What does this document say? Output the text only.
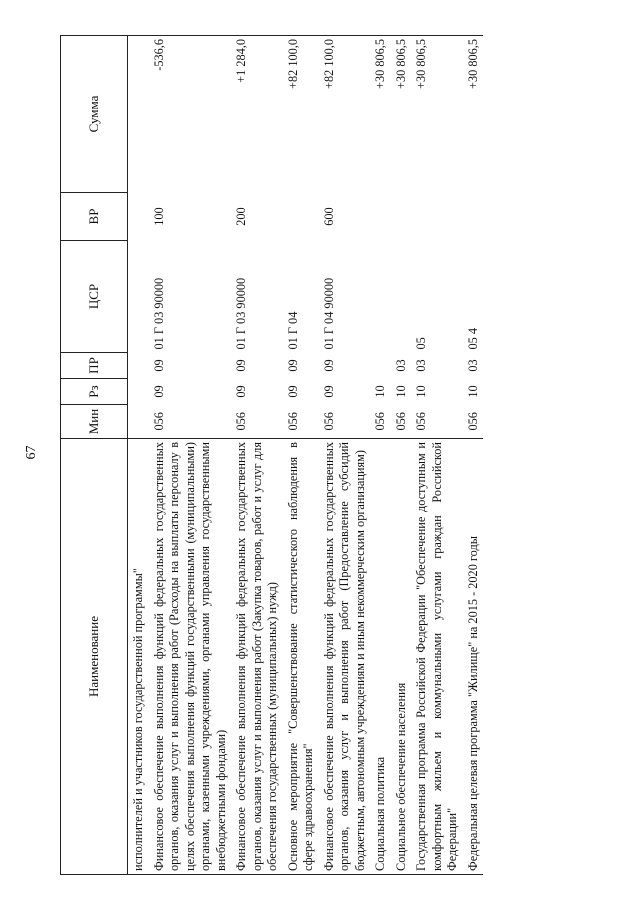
67
Наименование	Мин	Рз	ПР	ЦСР	ВР	Сумма
исполнителей и участников государственной программы"						
Финансовое обеспечение выполнения функций федеральных государственных органов, оказания услуг и выполнения работ (Расходы на выплаты персоналу в целях обеспечения выполнения функций государственными (муниципальными) органами, казенными учреждениями, органами управления государственными внебюджетными фондами)	056	09	09	01 Г 03 90000	100	-536,6
Финансовое обеспечение выполнения функций федеральных государственных органов, оказания услуг и выполнения работ (Закупка товаров, работ и услуг для обеспечения государственных (муниципальных) нужд)	056	09	09	01 Г 03 90000	200	+1 284,0
Основное мероприятие "Совершенствование статистического наблюдения в сфере здравоохранения"	056	09	09	01 Г 04		+82 100,0
Финансовое обеспечение выполнения функций федеральных государственных органов, оказания услуг и выполнения работ (Предоставление субсидий бюджетным, автономным учреждениям и иным некоммерческим организациям)	056	09	09	01 Г 04 90000	600	+82 100,0
Социальная политика	056	10				+30 806,5
Социальное обеспечение населения	056	10	03			+30 806,5
Государственная программа Российской Федерации "Обеспечение доступным и комфортным жильем и коммунальными услугами граждан Российской Федерации"	056	10	03	05		+30 806,5
Федеральная целевая программа "Жилище" на 2015 - 2020 годы	056	10	03	05 4		+30 806,5
